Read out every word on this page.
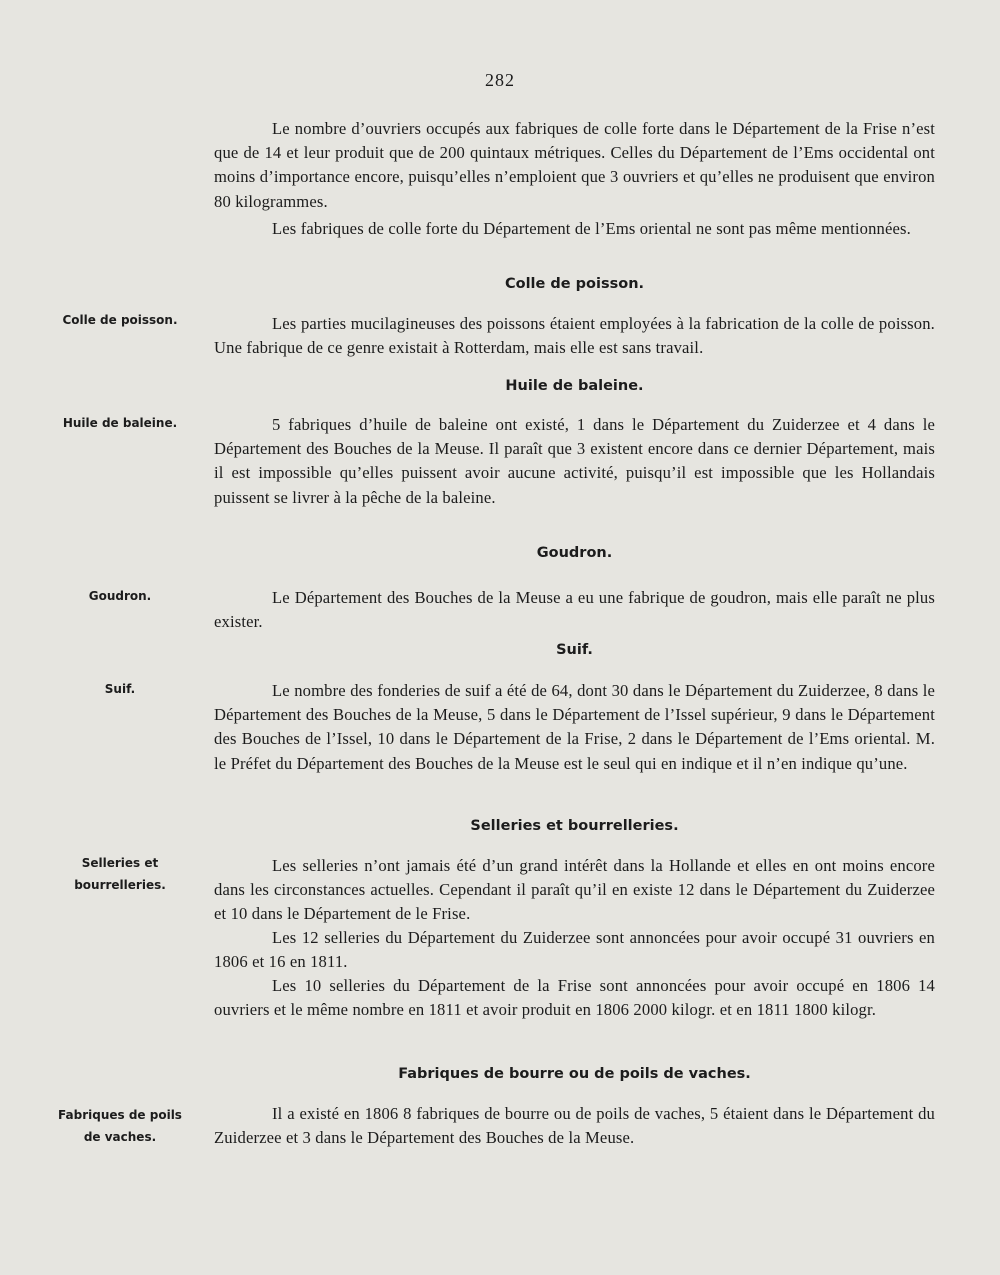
282

Le nombre d’ouvriers occupés aux fabriques de colle forte dans le Département de la Frise n’est que de 14 et leur produit que de 200 quintaux métriques. Celles du Département de l’Ems occidental ont moins d’importance encore, puisqu’elles n’emploient que 3 ouvriers et qu’elles ne produisent que environ 80 kilogrammes.

Les fabriques de colle forte du Département de l’Ems oriental ne sont pas même mentionnées.

Colle de poisson.
Colle de poisson.	Les parties mucilagineuses des poissons étaient employées à la fabrication de la colle de poisson. Une fabrique de ce genre existait à Rotterdam, mais elle est sans travail.

Huile de baleine.
Huile de baleine.	5 fabriques d’huile de baleine ont existé, 1 dans le Département du Zuiderzee et 4 dans le Département des Bouches de la Meuse. Il paraît que 3 existent encore dans ce dernier Département, mais il est impossible qu’elles puissent avoir aucune activité, puisqu’il est impossible que les Hollandais puissent se livrer à la pêche de la baleine.

Goudron.
Goudron.	Le Département des Bouches de la Meuse a eu une fabrique de goudron, mais elle paraît ne plus exister.

Suif.
Suif.	Le nombre des fonderies de suif a été de 64, dont 30 dans le Département du Zuiderzee, 8 dans le Département des Bouches de la Meuse, 5 dans le Département de l’Issel supérieur, 9 dans le Département des Bouches de l’Issel, 10 dans le Département de la Frise, 2 dans le Département de l’Ems oriental. M. le Préfet du Département des Bouches de la Meuse est le seul qui en indique et il n’en indique qu’une.

Selleries et bourrelleries.
Selleries et
bourrelleries.

Les selleries n’ont jamais été d’un grand intérêt dans la Hollande et elles en ont moins encore dans les circonstances actuelles. Cependant il paraît qu’il en existe 12 dans le Département du Zuiderzee et 10 dans le Département de le Frise.

Les 12 selleries du Département du Zuiderzee sont annoncées pour avoir occupé 31 ouvriers en 1806 et 16 en 1811.

Les 10 selleries du Département de la Frise sont annoncées pour avoir occupé en 1806 14 ouvriers et le même nombre en 1811 et avoir produit en 1806 2000 kilogr. et en 1811 1800 kilogr.

Fabriques de bourre ou de poils de vaches.
Fabriques de poils
de vaches.

Il a existé en 1806 8 fabriques de bourre ou de poils de vaches, 5 étaient dans le Département du Zuiderzee et 3 dans le Département des Bouches de la Meuse.
